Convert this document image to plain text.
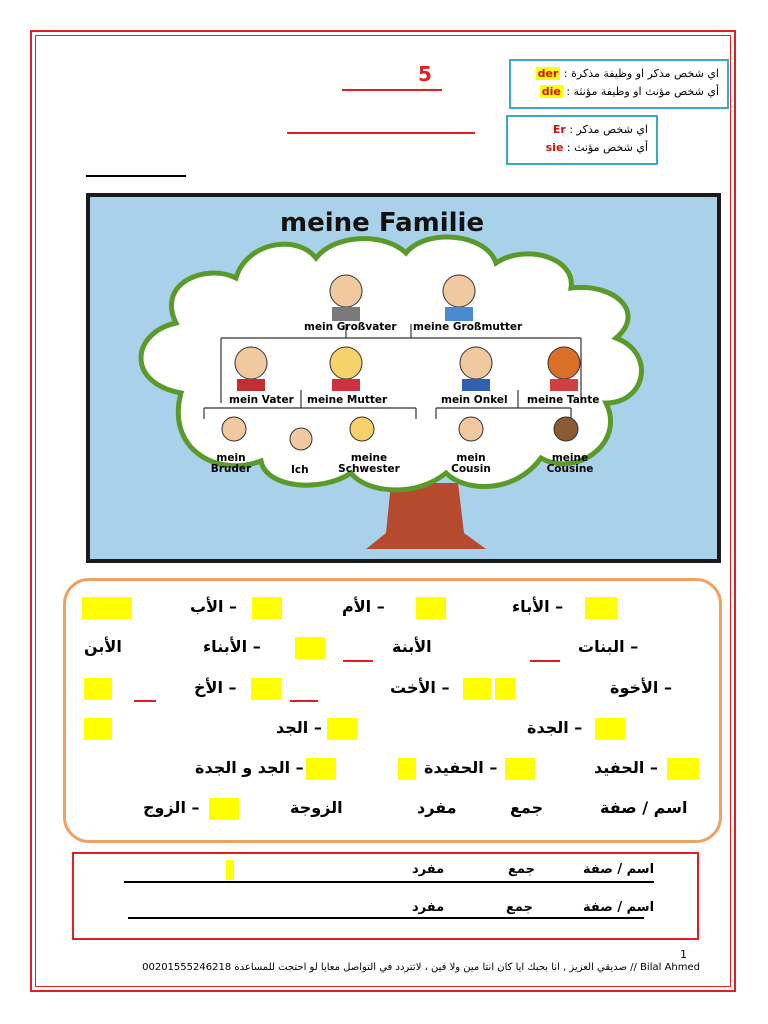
5	اي شخص مذكر او وظيفة مذكرة : der
أي شخص مؤنث او وظيفة مؤنثة : die
اي شخص مذكر : Er
أي شخص مؤنث : sie
meine Familie
mein Großvater meine Großmutter
mein Vater meine Mutter	mein Onkel meine Tante
mein
Bruder	Ich
meine
Schwester
mein
Cousin
meine
Cousine
– الأب	– الأم	– الأباء
الأبن	– الأبناء	الأبنة	– البنات
– الأخ	– الأخت	– الأخوة
– الجد	– الجدة
– الجد و الجدة	– الحفيدة	– الحفيد
– الزوج	الزوجة	مفرد	جمع	اسم / صفة
مفرد	جمع	اسم / صفة
مفرد	جمع	اسم / صفة
1
صديقي العزيز , انا بحبك ايا كان انتا مين ولا فين ، لاتتردد في التواصل معايا لو احتجت للمساعدة 00201555246218 // Bilal Ahmed
